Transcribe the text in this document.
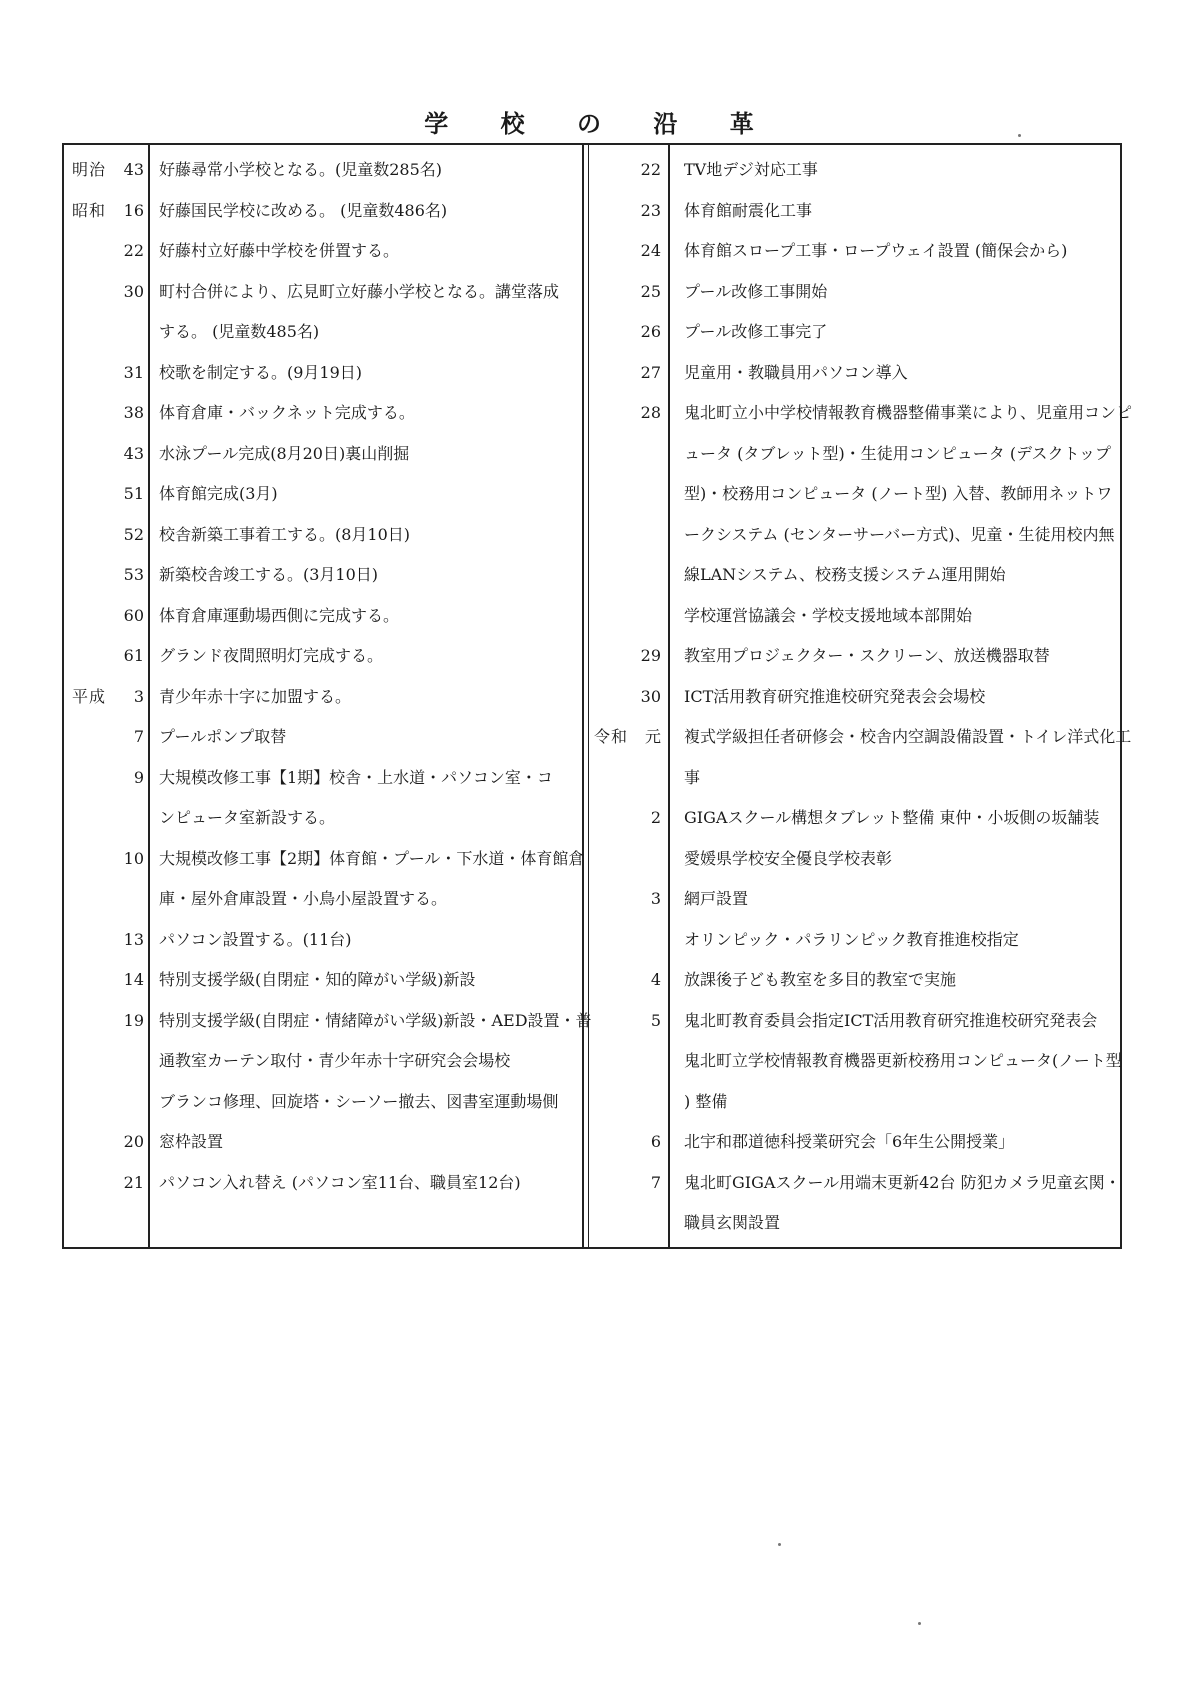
学 校 の 沿 革
明治	43 好藤尋常小学校となる。(児童数285名)
昭和	16 好藤国民学校に改める。 (児童数486名)
22 好藤村立好藤中学校を併置する。
30 町村合併により、広見町立好藤小学校となる。講堂落成
する。 (児童数485名)
31 校歌を制定する。(9月19日)
38 体育倉庫・バックネット完成する。
43 水泳プール完成(8月20日)裏山削掘
51 体育館完成(3月)
52 校舎新築工事着工する。(8月10日)
53 新築校舎竣工する。(3月10日)
60 体育倉庫運動場西側に完成する。
61 グランド夜間照明灯完成する。
平成	3 青少年赤十字に加盟する。
7 プールポンプ取替
9 大規模改修工事【1期】校舎・上水道・パソコン室・コ
ンピュータ室新設する。
10 大規模改修工事【2期】体育館・プール・下水道・体育館倉
庫・屋外倉庫設置・小鳥小屋設置する。
13 パソコン設置する。(11台)
14 特別支援学級(自閉症・知的障がい学級)新設
19 特別支援学級(自閉症・情緒障がい学級)新設・AED設置・普
通教室カーテン取付・青少年赤十字研究会会場校
ブランコ修理、回旋塔・シーソー撤去、図書室運動場側
20 窓枠設置
21 パソコン入れ替え (パソコン室11台、職員室12台)
22 TV地デジ対応工事
23 体育館耐震化工事
24 体育館スロープ工事・ロープウェイ設置 (簡保会から)
25 プール改修工事開始
26 プール改修工事完了
27 児童用・教職員用パソコン導入
28 鬼北町立小中学校情報教育機器整備事業により、児童用コンピ
ュータ (タブレット型)・生徒用コンピュータ (デスクトップ
型)・校務用コンピュータ (ノート型) 入替、教師用ネットワ
ークシステム (センターサーバー方式)、児童・生徒用校内無
線LANシステム、校務支援システム運用開始
学校運営協議会・学校支援地域本部開始
29 教室用プロジェクター・スクリーン、放送機器取替
30 ICT活用教育研究推進校研究発表会会場校
令和	元 複式学級担任者研修会・校舎内空調設備設置・トイレ洋式化工
事
2 GIGAスクール構想タブレット整備 東仲・小坂側の坂舗装
愛媛県学校安全優良学校表彰
3 網戸設置
オリンピック・パラリンピック教育推進校指定
4 放課後子ども教室を多目的教室で実施
5 鬼北町教育委員会指定ICT活用教育研究推進校研究発表会
鬼北町立学校情報教育機器更新校務用コンピュータ(ノート型
) 整備
6 北宇和郡道徳科授業研究会「6年生公開授業」
7 鬼北町GIGAスクール用端末更新42台 防犯カメラ児童玄関・
職員玄関設置
